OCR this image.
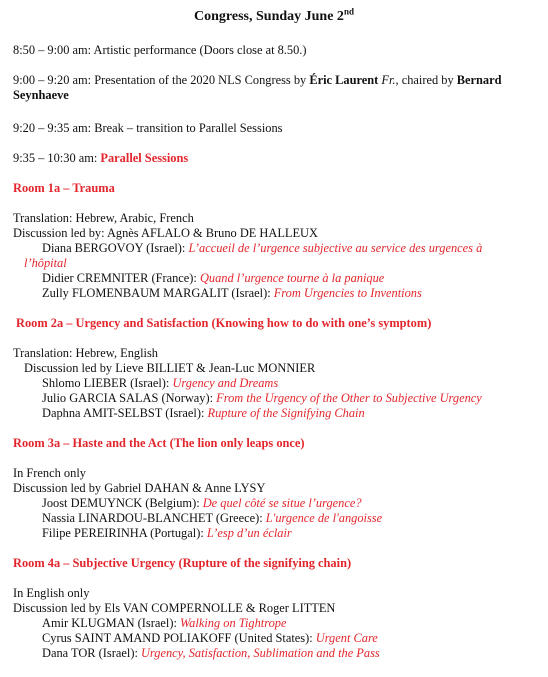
Congress, Sunday June 2nd
8:50 – 9:00 am: Artistic performance (Doors close at 8.50.)
9:00 – 9:20 am: Presentation of the 2020 NLS Congress by Éric Laurent Fr., chaired by Bernard Seynhaeve
9:20 – 9:35 am: Break – transition to Parallel Sessions
9:35 – 10:30 am: Parallel Sessions
Room 1a – Trauma
Translation: Hebrew, Arabic, French
Discussion led by: Agnès AFLALO & Bruno DE HALLEUX
Diana BERGOVOY (Israel): L’accueil de l’urgence subjective au service des urgences à
l’hôpital
Didier CREMNITER (France): Quand l’urgence tourne à la panique
Zully FLOMENBAUM MARGALIT (Israel): From Urgencies to Inventions
Room 2a – Urgency and Satisfaction (Knowing how to do with one’s symptom)
Translation: Hebrew, English
Discussion led by Lieve BILLIET & Jean-Luc MONNIER
Shlomo LIEBER (Israel): Urgency and Dreams
Julio GARCIA SALAS (Norway): From the Urgency of the Other to Subjective Urgency
Daphna AMIT-SELBST (Israel): Rupture of the Signifying Chain
Room 3a – Haste and the Act (The lion only leaps once)
In French only
Discussion led by Gabriel DAHAN & Anne LYSY
Joost DEMUYNCK (Belgium): De quel côté se situe l’urgence?
Nassia LINARDOU-BLANCHET (Greece): L'urgence de l'angoisse
Filipe PEREIRINHA (Portugal): L’esp d’un éclair
Room 4a – Subjective Urgency (Rupture of the signifying chain)
In English only
Discussion led by Els VAN COMPERNOLLE & Roger LITTEN
Amir KLUGMAN (Israel): Walking on Tightrope
Cyrus SAINT AMAND POLIAKOFF (United States): Urgent Care
Dana TOR (Israel): Urgency, Satisfaction, Sublimation and the Pass
